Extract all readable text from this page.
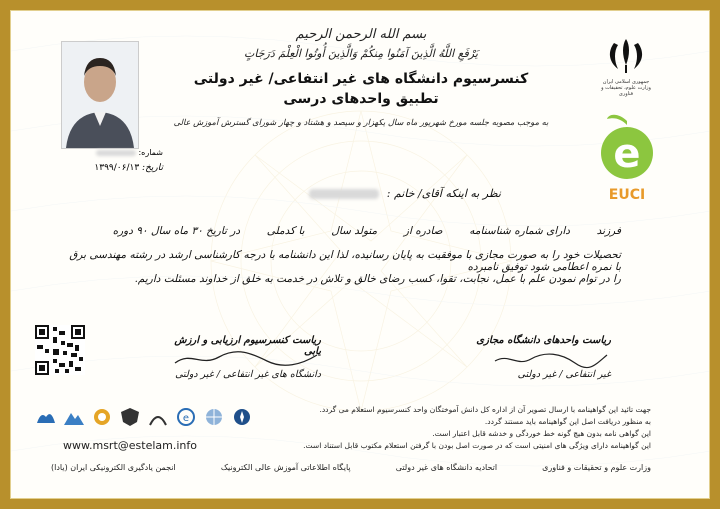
بسم الله الرحمن الرحیم
يَرْفَعِ اللَّهُ الَّذِينَ آمَنُوا مِنكُمْ وَالَّذِينَ أُوتُوا الْعِلْمَ دَرَجَاتٍ
کنسرسیوم دانشگاه های غیر انتفاعی/ غیر دولتی
تطبیق واحدهای درسی
به موجب مصوبه جلسه مورخ شهریور ماه سال یکهزار و سیصد و هشتاد و چهار شورای گسترش آموزش عالی
جمهوری اسلامی ایران
وزارت علوم، تحقیقات و فناوری
e
EUCI
شماره:
تاریخ: ۱۳۹۹/۰۶/۱۳
نظر به اینکه آقای/ خانم :
فرزند        دارای شماره شناسنامه        صادره از        متولد سال        با کدملی        در تاریخ ۳۰ ماه سال ۹۰ دوره
تحصیلات خود را به صورت مجازی با موفقیت به پایان رسانیده، لذا این دانشنامه با درجه کارشناسی ارشد در رشته مهندسی برق با نمره اعطامی شود توفیق نامبرده
را در توام نمودن علم با عمل، نجابت، تقوا، کسب رضای خالق و تلاش در خدمت به خلق از خداوند مسئلت داریم.
ریاست کنسرسیوم ارزیابی و ارزش یابی
دانشگاه های غیر انتفاعی / غیر دولتی
ریاست واحدهای دانشگاه مجازی
غیر انتفاعی / غیر دولتی
e
جهت تائید این گواهینامه با ارسال تصویر آن از اداره کل دانش آموختگان واحد کنسرسیوم استعلام می گردد.
به منظور دریافت اصل این گواهینامه باید مستند گردد.
این گواهی نامه بدون هیچ گونه خط خوردگی و خدشه قابل اعتبار است.
این گواهینامه دارای ویژگی های امنیتی است که در صورت اصل بودن با گرفتن استعلام مکتوب قابل استناد است.
www.msrt@estelam.info
وزارت علوم و تحقیقات و فناوری
اتحادیه دانشگاه های غیر دولتی
پایگاه اطلاعاتی آموزش عالی الکترونیک
انجمن یادگیری الکترونیکی ایران (یادا)
